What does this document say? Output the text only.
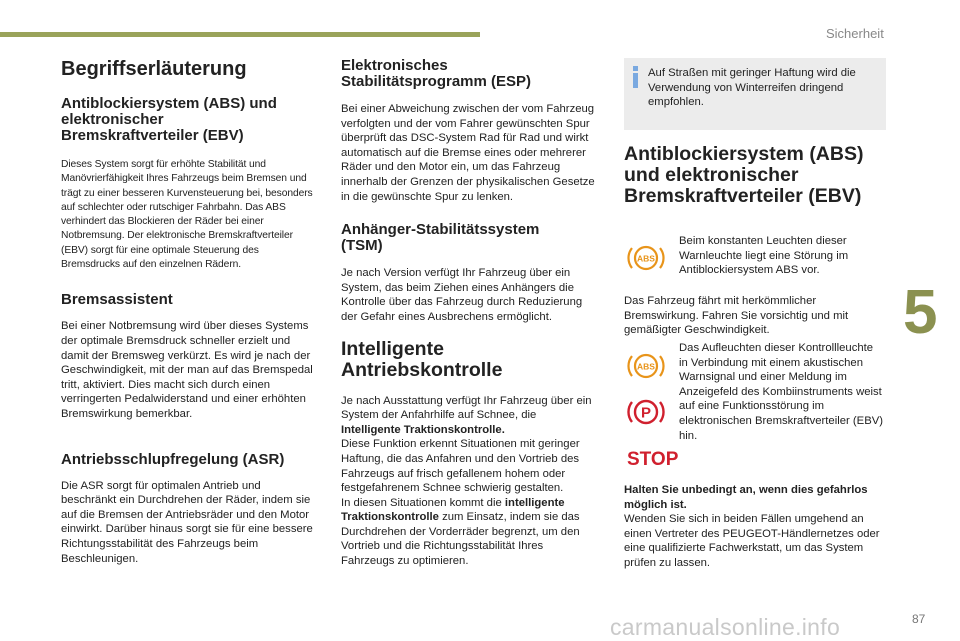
Sicherheit
5
87
carmanualsonline.info
Begriffserläuterung
Antiblockiersystem (ABS) und elektronischer Bremskraftverteiler (EBV)

Dieses System sorgt für erhöhte Stabilität und Manövrierfähigkeit Ihres Fahrzeugs beim Bremsen und trägt zu einer besseren Kurvensteuerung bei, besonders auf schlechter oder rutschiger Fahrbahn. Das ABS verhindert das Blockieren der Räder bei einer Notbremsung. Der elektronische Bremskraftverteiler (EBV) sorgt für eine optimale Steuerung des Bremsdrucks auf den einzelnen Rädern.

Bremsassistent

Bei einer Notbremsung wird über dieses Systems der optimale Bremsdruck schneller erzielt und damit der Bremsweg verkürzt. Es wird je nach der Geschwindigkeit, mit der man auf das Bremspedal tritt, aktiviert. Dies macht sich durch einen verringerten Pedalwiderstand und einer erhöhten Bremswirkung bemerkbar.

Antriebsschlupfregelung (ASR)

Die ASR sorgt für optimalen Antrieb und beschränkt ein Durchdrehen der Räder, indem sie auf die Bremsen der Antriebsräder und den Motor einwirkt. Darüber hinaus sorgt sie für eine bessere Richtungsstabilität des Fahrzeugs beim Beschleunigen.

Elektronisches Stabilitätsprogramm (ESP)

Bei einer Abweichung zwischen der vom Fahrzeug verfolgten und der vom Fahrer gewünschten Spur überprüft das DSC-System Rad für Rad und wirkt automatisch auf die Bremse eines oder mehrerer Räder und den Motor ein, um das Fahrzeug innerhalb der Grenzen der physikalischen Gesetze in die gewünschte Spur zu lenken.

Anhänger-Stabilitätssystem (TSM)

Je nach Version verfügt Ihr Fahrzeug über ein System, das beim Ziehen eines Anhängers die Kontrolle über das Fahrzeug durch Reduzierung der Gefahr eines Ausbrechens ermöglicht.

Intelligente Antriebskontrolle

Je nach Ausstattung verfügt Ihr Fahrzeug über ein System der Anfahrhilfe auf Schnee, die Intelligente Traktionskontrolle.
Diese Funktion erkennt Situationen mit geringer Haftung, die das Anfahren und den Vortrieb des Fahrzeugs auf frisch gefallenem hohem oder festgefahrenem Schnee schwierig gestalten.
In diesen Situationen kommt die intelligente Traktionskontrolle zum Einsatz, indem sie das Durchdrehen der Vorderräder begrenzt, um den Vortrieb und die Richtungsstabilität Ihres Fahrzeugs zu optimieren.

Auf Straßen mit geringer Haftung wird die Verwendung von Winterreifen dringend empfohlen.
Antiblockiersystem (ABS) und elektronischer Bremskraftverteiler (EBV)
ABS

Beim konstanten Leuchten dieser Warnleuchte liegt eine Störung im Antiblockiersystem ABS vor.

Das Fahrzeug fährt mit herkömmlicher Bremswirkung. Fahren Sie vorsichtig und mit gemäßigter Geschwindigkeit.

ABS
P
STOP

Das Aufleuchten dieser Kontrollleuchte in Verbindung mit einem akustischen Warnsignal und einer Meldung im Anzeigefeld des Kombiinstruments weist auf eine Funktionsstörung im elektronischen Bremskraftverteiler (EBV) hin.

Halten Sie unbedingt an, wenn dies gefahrlos möglich ist.
Wenden Sie sich in beiden Fällen umgehend an einen Vertreter des PEUGEOT-Händlernetzes oder eine qualifizierte Fachwerkstatt, um das System prüfen zu lassen.
